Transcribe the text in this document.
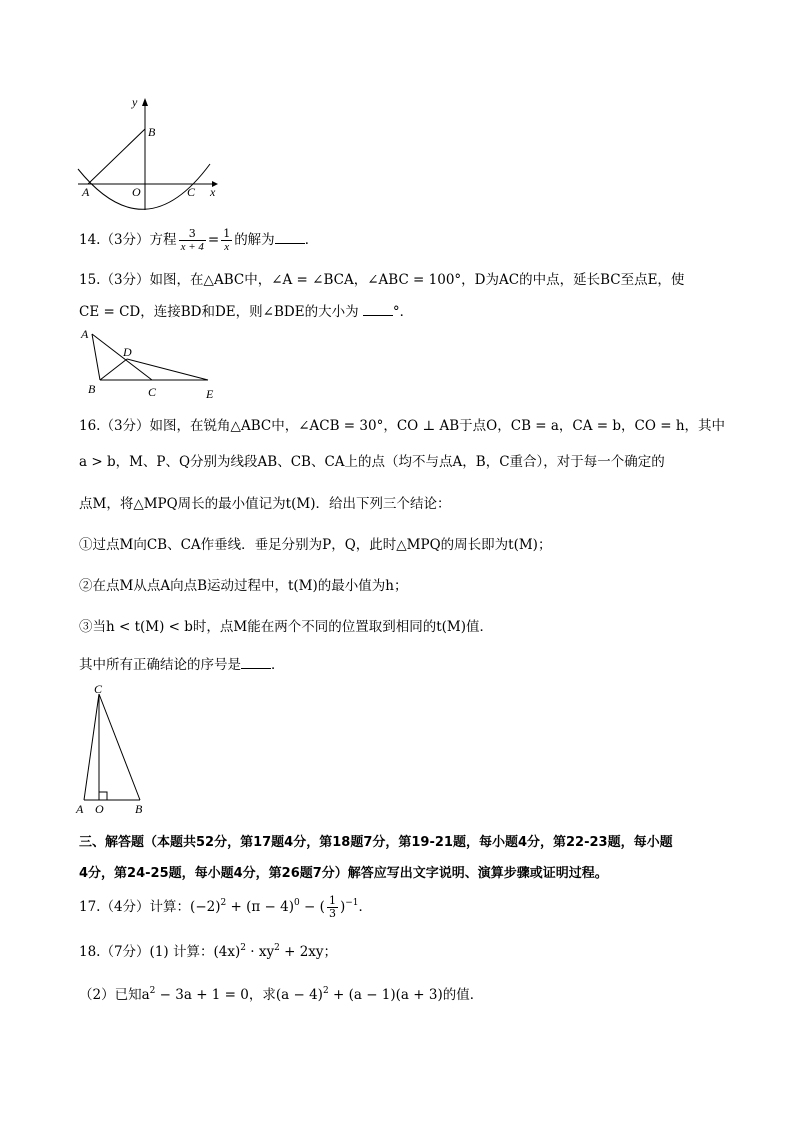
y
B
A	O	C x
14.（3分）方程 $\frac{3}{x + 4} = \frac{1}{x}$ 的解为 ．
15.（3分）如图，在△ABC中，∠A = ∠BCA，∠ABC = 100°，D为AC的中点，延长BC至点E，使
CE = CD，连接BD和DE，则∠BDE的大小为	°．
A
D
B	C	E
16.（3分）如图，在锐角△ABC中，∠ACB = 30°，CO ⊥ AB于点O，CB = a，CA = b，CO = h，其中
a > b，M、P、Q分别为线段AB、CB、CA上的点（均不与点A，B，C重合），对于每一个确定的
点M，将△MPQ周长的最小值记为t(M)．给出下列三个结论：
①过点M向CB、CA作垂线．垂足分别为P，Q，此时△MPQ的周长即为t(M)；
②在点M从点A向点B运动过程中，t(M)的最小值为h；
③当h < t(M) < b时，点M能在两个不同的位置取到相同的t(M)值．
其中所有正确结论的序号是 ．
C
A O	B
三、解答题（本题共52分，第17题4分，第18题7分，第19-21题，每小题4分，第22-23题，每小题
4分，第24-25题，每小题4分，第26题7分）解答应写出文字说明、演算步骤或证明过程。
17.（4分）计算：$(-2)^2 + (\pi - 4)^0$ − ( $\frac{1}{3} )^{-1}$．
18.（7分）(1) 计算：$(4x)^2 \cdot xy^2 + 2xy$；
（2）已知$a^2 - 3a + 1 = 0$，求$(a - 4)^2 + (a - 1)(a + 3)$的值．
